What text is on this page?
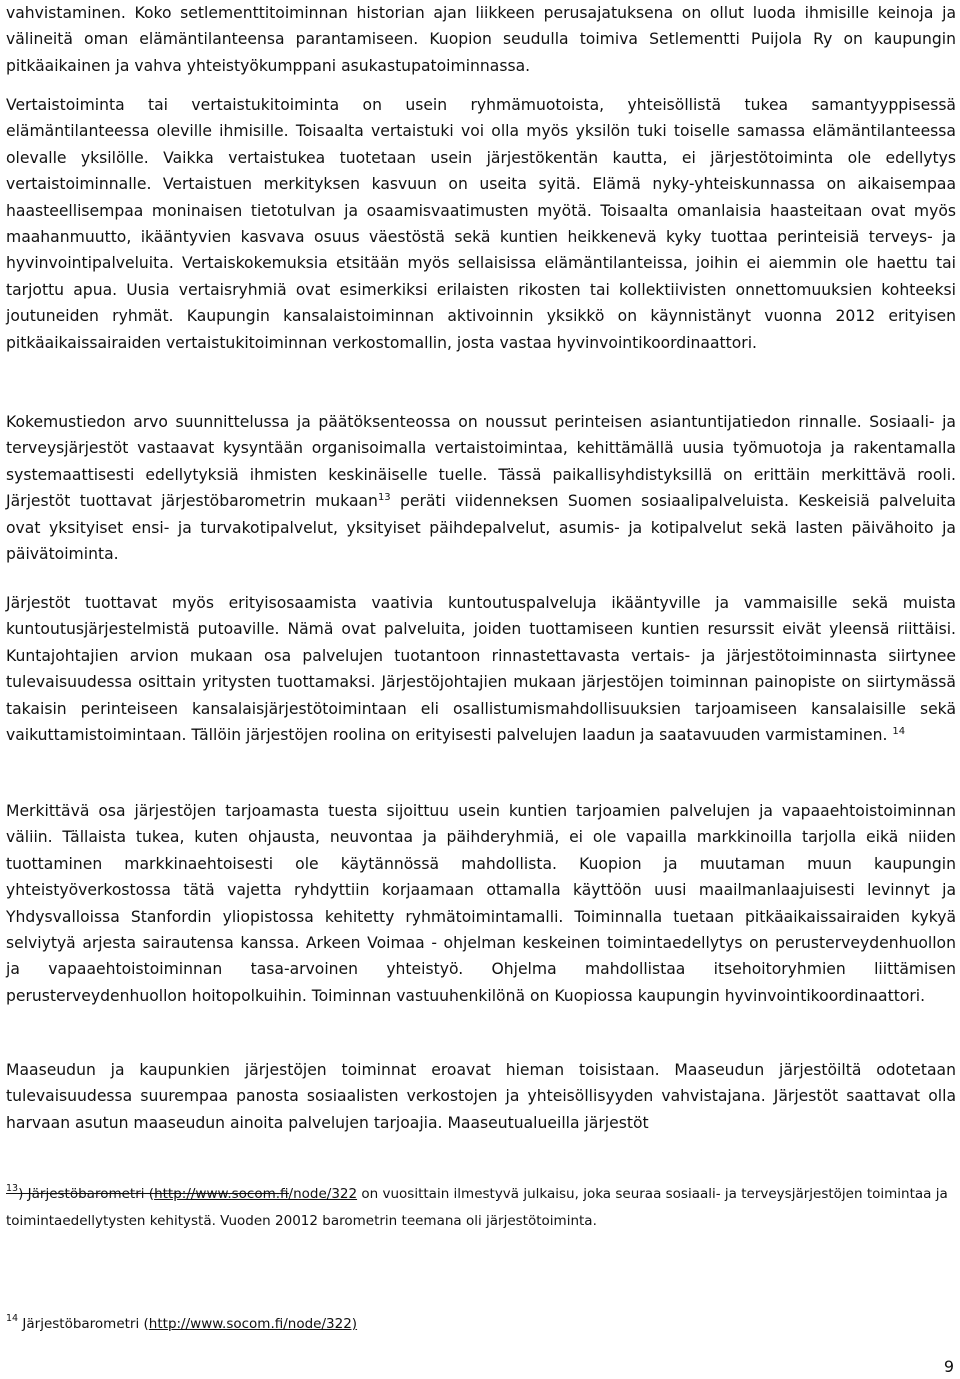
vahvistaminen. Koko setlementtitoiminnan historian ajan liikkeen perusajatuksena on ollut luoda ihmisille keinoja ja välineitä oman elämäntilanteensa parantamiseen. Kuopion seudulla toimiva Setlementti Puijola Ry on kaupungin pitkäaikainen ja vahva yhteistyökumppani asukastupatoiminnassa.

Vertaistoiminta tai vertaistukitoiminta on usein ryhmämuotoista, yhteisöllistä tukea samantyyppisessä elämäntilanteessa oleville ihmisille. Toisaalta vertaistuki voi olla myös yksilön tuki toiselle samassa elämäntilanteessa olevalle yksilölle. Vaikka vertaistukea tuotetaan usein järjestökentän kautta, ei järjestötoiminta ole edellytys vertaistoiminnalle. Vertaistuen merkityksen kasvuun on useita syitä. Elämä nyky-yhteiskunnassa on aikaisempaa haasteellisempaa moninaisen tietotulvan ja osaamisvaatimusten myötä. Toisaalta omanlaisia haasteitaan ovat myös maahanmuutto, ikääntyvien kasvava osuus väestöstä sekä kuntien heikkenevä kyky tuottaa perinteisiä terveys- ja hyvinvointipalveluita. Vertaiskokemuksia etsitään myös sellaisissa elämäntilanteissa, joihin ei aiemmin ole haettu tai tarjottu apua. Uusia vertaisryhmiä ovat esimerkiksi erilaisten rikosten tai kollektiivisten onnettomuuksien kohteeksi joutuneiden ryhmät. Kaupungin kansalaistoiminnan aktivoinnin yksikkö on käynnistänyt vuonna 2012 erityisen pitkäaikaissairaiden vertaistukitoiminnan verkostomallin, josta vastaa hyvinvointikoordinaattori.

Kokemustiedon arvo suunnittelussa ja päätöksenteossa on noussut perinteisen asiantuntijatiedon rinnalle. Sosiaali- ja terveysjärjestöt vastaavat kysyntään organisoimalla vertaistoimintaa, kehittämällä uusia työmuotoja ja rakentamalla systemaattisesti edellytyksiä ihmisten keskinäiselle tuelle. Tässä paikallisyhdistyksillä on erittäin merkittävä rooli. Järjestöt tuottavat järjestöbarometrin mukaan$^{13}$ peräti viidenneksen Suomen sosiaalipalveluista. Keskeisiä palveluita ovat yksityiset ensi- ja turvakotipalvelut, yksityiset päihdepalvelut, asumis- ja kotipalvelut sekä lasten päivähoito ja päivätoiminta.

Järjestöt tuottavat myös erityisosaamista vaativia kuntoutuspalveluja ikääntyville ja vammaisille sekä muista kuntoutusjärjestelmistä putoaville. Nämä ovat palveluita, joiden tuottamiseen kuntien resurssit eivät yleensä riittäisi. Kuntajohtajien arvion mukaan osa palvelujen tuotantoon rinnastettavasta vertais- ja järjestötoiminnasta siirtynee tulevaisuudessa osittain yritysten tuottamaksi. Järjestöjohtajien mukaan järjestöjen toiminnan painopiste on siirtymässä takaisin perinteiseen kansalaisjärjestötoimintaan eli osallistumismahdollisuuksien tarjoamiseen kansalaisille sekä vaikuttamistoimintaan. Tällöin järjestöjen roolina on erityisesti palvelujen laadun ja saatavuuden varmistaminen. $^{14}$

Merkittävä osa järjestöjen tarjoamasta tuesta sijoittuu usein kuntien tarjoamien palvelujen ja vapaaehtoistoiminnan väliin. Tällaista tukea, kuten ohjausta, neuvontaa ja päihderyhmiä, ei ole vapailla markkinoilla tarjolla eikä niiden tuottaminen markkinaehtoisesti ole käytännössä mahdollista. Kuopion ja muutaman muun kaupungin yhteistyöverkostossa tätä vajetta ryhdyttiin korjaamaan ottamalla käyttöön uusi maailmanlaajuisesti levinnyt ja Yhdysvalloissa Stanfordin yliopistossa kehitetty ryhmätoimintamalli. Toiminnalla tuetaan pitkäaikaissairaiden kykyä selviytyä arjesta sairautensa kanssa. Arkeen Voimaa - ohjelman keskeinen toimintaedellytys on perusterveydenhuollon ja vapaaehtoistoiminnan tasa-arvoinen yhteistyö. Ohjelma mahdollistaa itsehoitoryhmien liittämisen perusterveydenhuollon hoitopolkuihin. Toiminnan vastuuhenkilönä on Kuopiossa kaupungin hyvinvointikoordinaattori.

Maaseudun ja kaupunkien järjestöjen toiminnat eroavat hieman toisistaan. Maaseudun järjestöiltä odotetaan tulevaisuudessa suurempaa panosta sosiaalisten verkostojen ja yhteisöllisyyden vahvistajana. Järjestöt saattavat olla harvaan asutun maaseudun ainoita palvelujen tarjoajia. Maaseutualueilla järjestöt

$^{13}$) Järjestöbarometri (http://www.socom.fi/node/322 on vuosittain ilmestyvä julkaisu, joka seuraa sosiaali- ja terveysjärjestöjen toimintaa ja toimintaedellytysten kehitystä. Vuoden 20012 barometrin teemana oli järjestötoiminta.
$^{14}$ Järjestöbarometri (http://www.socom.fi/node/322)
9
